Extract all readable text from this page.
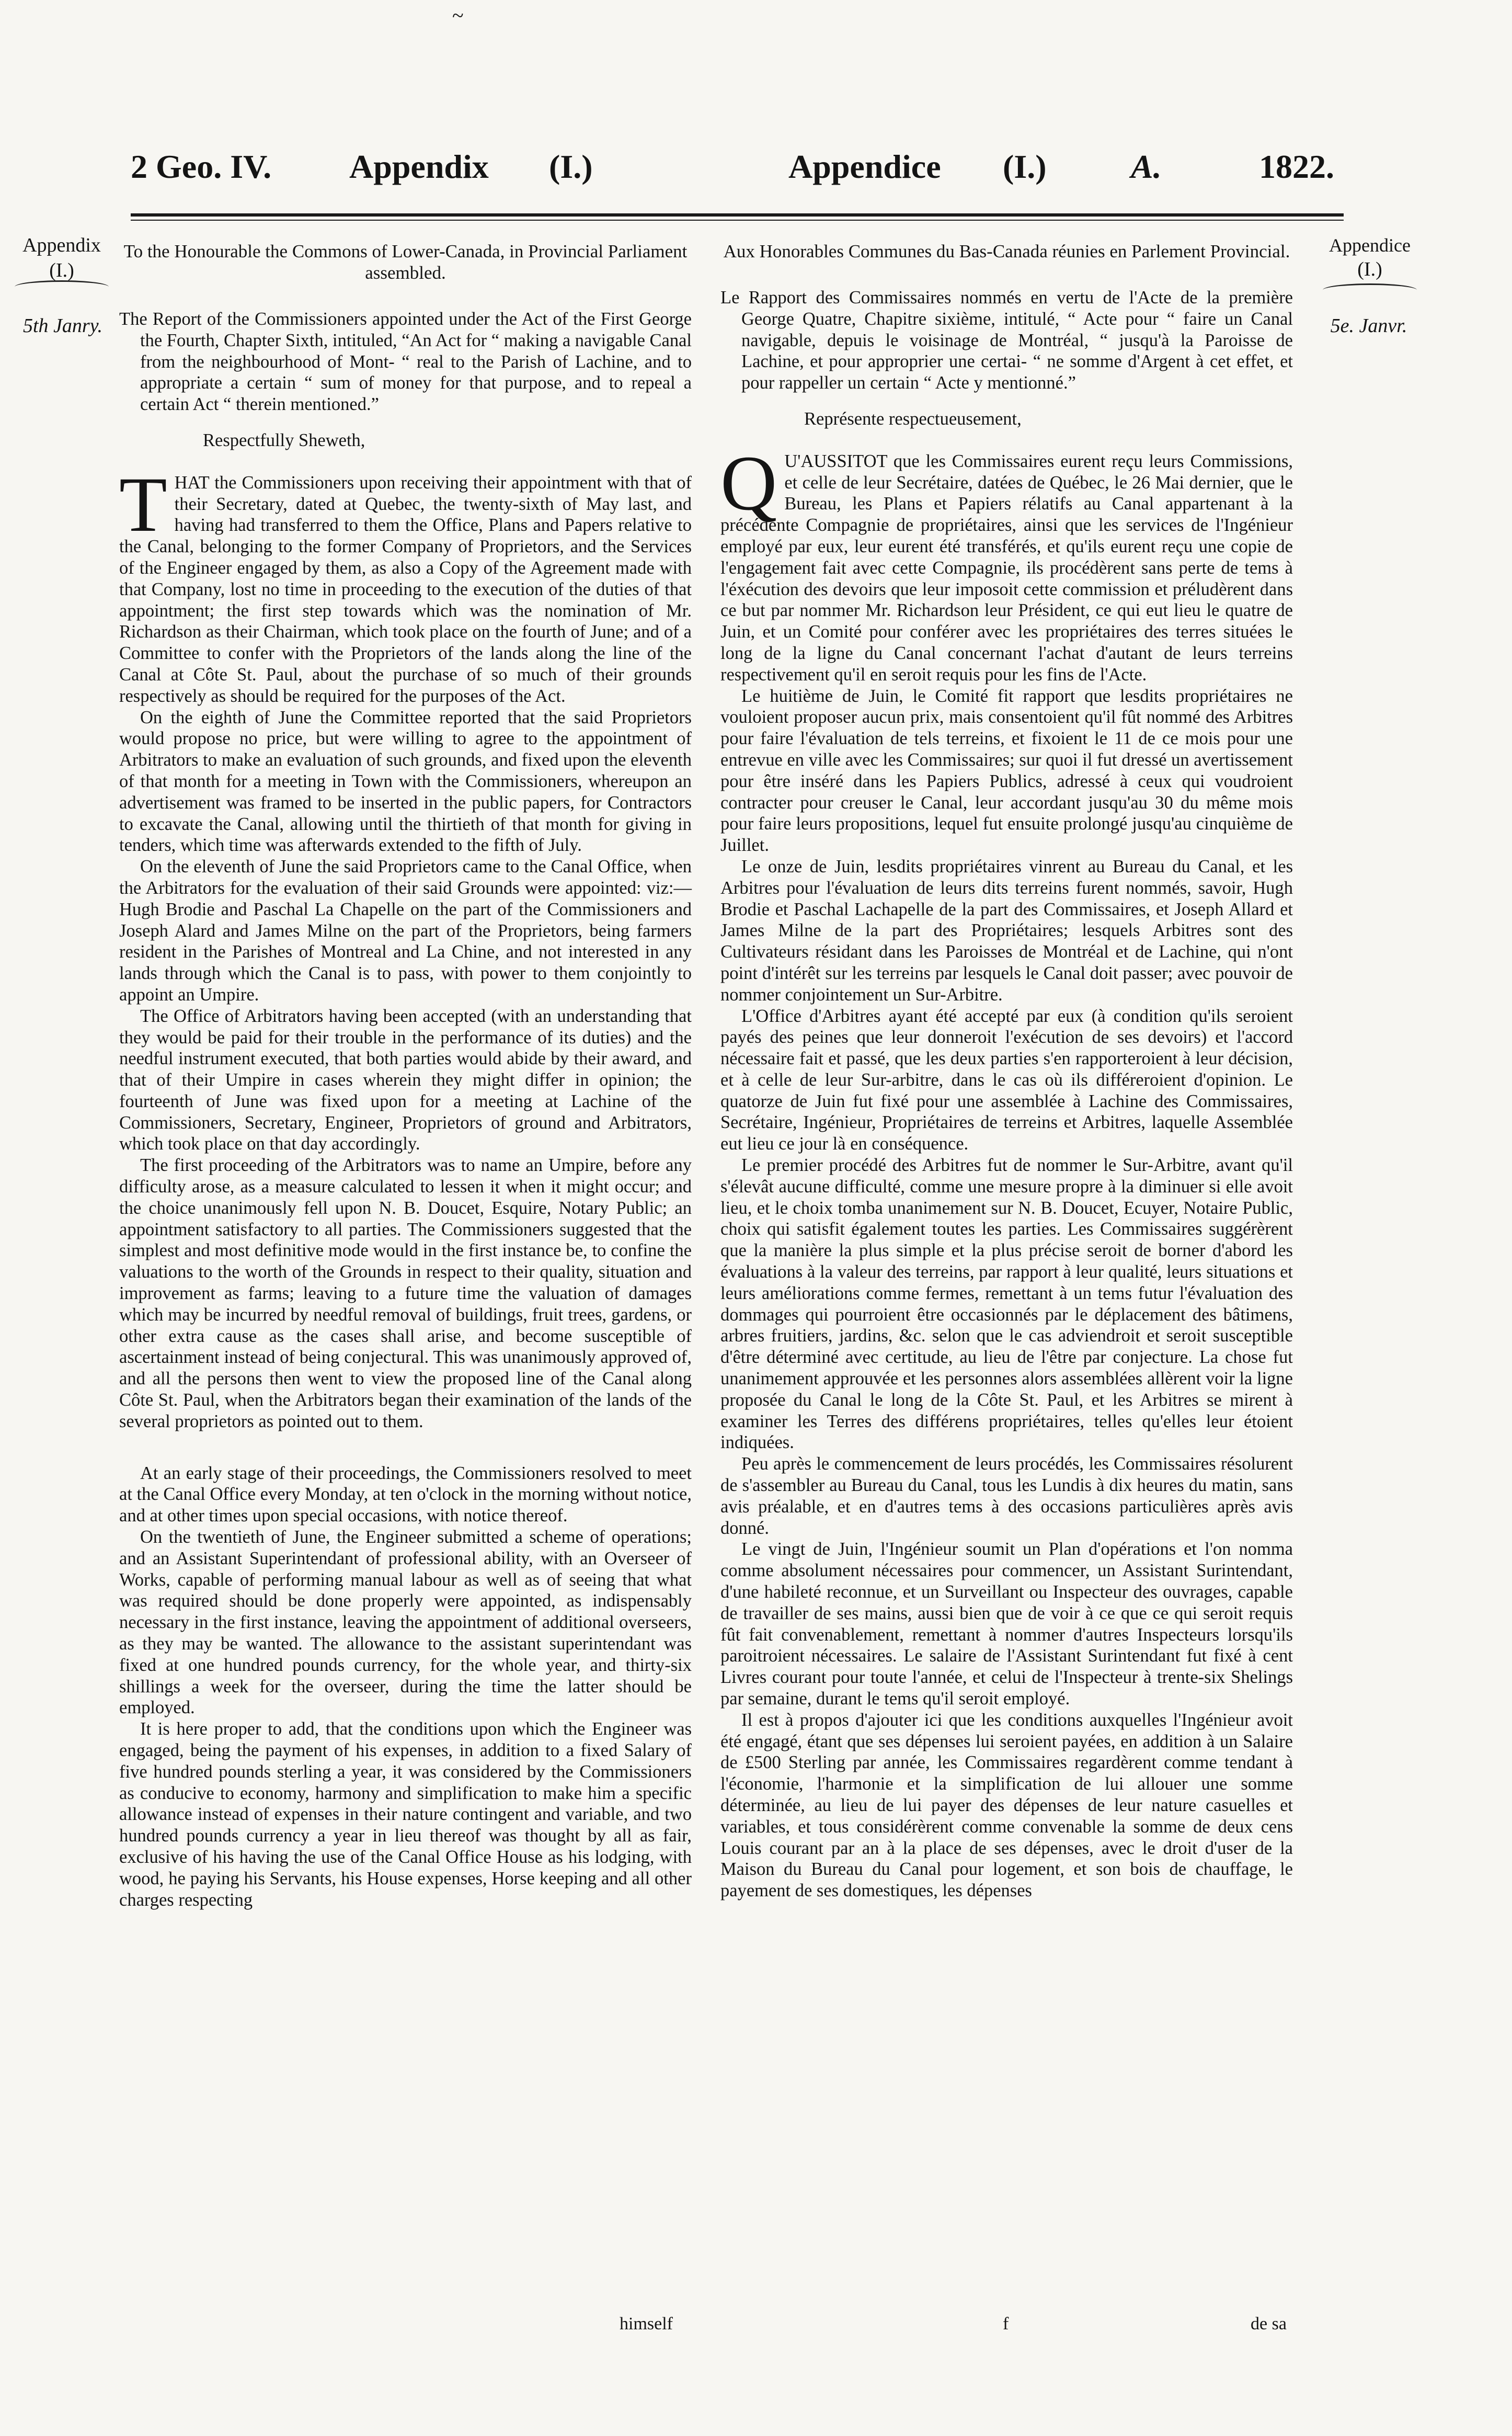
~
2 Geo. IV. Appendix (I.)	Appendice (I.)	A.	1822.
Appendix
(I.)
5th Janry.
Appendice
(I.)
5e. Janvr.

To the Honourable the Commons of Lower-Canada, in Provincial Parliament assembled.

The Report of the Commissioners appointed under the Act of the First George the Fourth, Chapter Sixth, intituled, “An Act for “ making a navigable Canal from the neighbourhood of Mont- “ real to the Parish of Lachine, and to appropriate a certain “ sum of money for that purpose, and to repeal a certain Act “ therein mentioned.”

Respectfully Sheweth,

THAT the Commissioners upon receiving their appointment with that of their Secretary, dated at Quebec, the twenty-sixth of May last, and having had transferred to them the Office, Plans and Papers relative to the Canal, belonging to the former Company of Proprietors, and the Services of the Engineer engaged by them, as also a Copy of the Agreement made with that Company, lost no time in proceeding to the execution of the duties of that appointment; the first step towards which was the nomination of Mr. Richardson as their Chairman, which took place on the fourth of June; and of a Committee to confer with the Proprietors of the lands along the line of the Canal at Côte St. Paul, about the purchase of so much of their grounds respectively as should be required for the purposes of the Act.

On the eighth of June the Committee reported that the said Proprietors would propose no price, but were willing to agree to the appointment of Arbitrators to make an evaluation of such grounds, and fixed upon the eleventh of that month for a meeting in Town with the Commissioners, whereupon an advertisement was framed to be inserted in the public papers, for Contractors to excavate the Canal, allowing until the thirtieth of that month for giving in tenders, which time was afterwards extended to the fifth of July.

On the eleventh of June the said Proprietors came to the Canal Office, when the Arbitrators for the evaluation of their said Grounds were appointed: viz:—Hugh Brodie and Paschal La Chapelle on the part of the Commissioners and Joseph Alard and James Milne on the part of the Proprietors, being farmers resident in the Parishes of Montreal and La Chine, and not interested in any lands through which the Canal is to pass, with power to them conjointly to appoint an Umpire.

The Office of Arbitrators having been accepted (with an understanding that they would be paid for their trouble in the performance of its duties) and the needful instrument executed, that both parties would abide by their award, and that of their Umpire in cases wherein they might differ in opinion; the fourteenth of June was fixed upon for a meeting at Lachine of the Commissioners, Secretary, Engineer, Proprietors of ground and Arbitrators, which took place on that day accordingly.

The first proceeding of the Arbitrators was to name an Umpire, before any difficulty arose, as a measure calculated to lessen it when it might occur; and the choice unanimously fell upon N. B. Doucet, Esquire, Notary Public; an appointment satisfactory to all parties. The Commissioners suggested that the simplest and most definitive mode would in the first instance be, to confine the valuations to the worth of the Grounds in respect to their quality, situation and improvement as farms; leaving to a future time the valuation of damages which may be incurred by needful removal of buildings, fruit trees, gardens, or other extra cause as the cases shall arise, and become susceptible of ascertainment instead of being conjectural. This was unanimously approved of, and all the persons then went to view the proposed line of the Canal along Côte St. Paul, when the Arbitrators began their examination of the lands of the several proprietors as pointed out to them.

At an early stage of their proceedings, the Commissioners resolved to meet at the Canal Office every Monday, at ten o'clock in the morning without notice, and at other times upon special occasions, with notice thereof.

On the twentieth of June, the Engineer submitted a scheme of operations; and an Assistant Superintendant of professional ability, with an Overseer of Works, capable of performing manual labour as well as of seeing that what was required should be done properly were appointed, as indispensably necessary in the first instance, leaving the appointment of additional overseers, as they may be wanted. The allowance to the assistant superintendant was fixed at one hundred pounds currency, for the whole year, and thirty-six shillings a week for the overseer, during the time the latter should be employed.

It is here proper to add, that the conditions upon which the Engineer was engaged, being the payment of his expenses, in addition to a fixed Salary of five hundred pounds sterling a year, it was considered by the Commissioners as conducive to economy, harmony and simplification to make him a specific allowance instead of expenses in their nature contingent and variable, and two hundred pounds currency a year in lieu thereof was thought by all as fair, exclusive of his having the use of the Canal Office House as his lodging, with wood, he paying his Servants, his House expenses, Horse keeping and all other charges respecting

himself

Aux Honorables Communes du Bas-Canada réunies en Parlement Provincial.

Le Rapport des Commissaires nommés en vertu de l'Acte de la première George Quatre, Chapitre sixième, intitulé, “ Acte pour “ faire un Canal navigable, depuis le voisinage de Montréal, “ jusqu'à la Paroisse de Lachine, et pour approprier une certai- “ ne somme d'Argent à cet effet, et pour rappeller un certain “ Acte y mentionné.”

Représente respectueusement,

Q U'AUSSITOT que les Commissaires eurent reçu leurs Commissions, et celle de leur Secrétaire, datées de Québec, le 26 Mai dernier, que le Bureau, les Plans et Papiers rélatifs au Canal appartenant à la précédente Compagnie de propriétaires, ainsi que les services de l'Ingénieur employé par eux, leur eurent été transférés, et qu'ils eurent reçu une copie de l'engagement fait avec cette Compagnie, ils procédèrent sans perte de tems à l'éxécution des devoirs que leur imposoit cette commission et préludèrent dans ce but par nommer Mr. Richardson leur Président, ce qui eut lieu le quatre de Juin, et un Comité pour conférer avec les propriétaires des terres situées le long de la ligne du Canal concernant l'achat d'autant de leurs terreins respectivement qu'il en seroit requis pour les fins de l'Acte.

Le huitième de Juin, le Comité fit rapport que lesdits propriétaires ne vouloient proposer aucun prix, mais consentoient qu'il fût nommé des Arbitres pour faire l'évaluation de tels terreins, et fixoient le 11 de ce mois pour une entrevue en ville avec les Commissaires; sur quoi il fut dressé un avertissement pour être inséré dans les Papiers Publics, adressé à ceux qui voudroient contracter pour creuser le Canal, leur accordant jusqu'au 30 du même mois pour faire leurs propositions, lequel fut ensuite prolongé jusqu'au cinquième de Juillet.

Le onze de Juin, lesdits propriétaires vinrent au Bureau du Canal, et les Arbitres pour l'évaluation de leurs dits terreins furent nommés, savoir, Hugh Brodie et Paschal Lachapelle de la part des Commissaires, et Joseph Allard et James Milne de la part des Propriétaires; lesquels Arbitres sont des Cultivateurs résidant dans les Paroisses de Montréal et de Lachine, qui n'ont point d'intérêt sur les terreins par lesquels le Canal doit passer; avec pouvoir de nommer conjointement un Sur-Arbitre.

L'Office d'Arbitres ayant été accepté par eux (à condition qu'ils seroient payés des peines que leur donneroit l'exécution de ses devoirs) et l'accord nécessaire fait et passé, que les deux parties s'en rapporteroient à leur décision, et à celle de leur Sur-arbitre, dans le cas où ils différeroient d'opinion. Le quatorze de Juin fut fixé pour une assemblée à Lachine des Commissaires, Secrétaire, Ingénieur, Propriétaires de terreins et Arbitres, laquelle Assemblée eut lieu ce jour là en conséquence.

Le premier procédé des Arbitres fut de nommer le Sur-Arbitre, avant qu'il s'élevât aucune difficulté, comme une mesure propre à la diminuer si elle avoit lieu, et le choix tomba unanimement sur N. B. Doucet, Ecuyer, Notaire Public, choix qui satisfit également toutes les parties. Les Commissaires suggérèrent que la manière la plus simple et la plus précise seroit de borner d'abord les évaluations à la valeur des terreins, par rapport à leur qualité, leurs situations et leurs améliorations comme fermes, remettant à un tems futur l'évaluation des dommages qui pourroient être occasionnés par le déplacement des bâtimens, arbres fruitiers, jardins, &c. selon que le cas adviendroit et seroit susceptible d'être déterminé avec certitude, au lieu de l'être par conjecture. La chose fut unanimement approuvée et les personnes alors assemblées allèrent voir la ligne proposée du Canal le long de la Côte St. Paul, et les Arbitres se mirent à examiner les Terres des différens propriétaires, telles qu'elles leur étoient indiquées.

Peu après le commencement de leurs procédés, les Commissaires résolurent de s'assembler au Bureau du Canal, tous les Lundis à dix heures du matin, sans avis préalable, et en d'autres tems à des occasions particulières après avis donné.

Le vingt de Juin, l'Ingénieur soumit un Plan d'opérations et l'on nomma comme absolument nécessaires pour commencer, un Assistant Surintendant, d'une habileté reconnue, et un Surveillant ou Inspecteur des ouvrages, capable de travailler de ses mains, aussi bien que de voir à ce que ce qui seroit requis fût fait convenablement, remettant à nommer d'autres Inspecteurs lorsqu'ils paroitroient nécessaires. Le salaire de l'Assistant Surintendant fut fixé à cent Livres courant pour toute l'année, et celui de l'Inspecteur à trente-six Shelings par semaine, durant le tems qu'il seroit employé.

Il est à propos d'ajouter ici que les conditions auxquelles l'Ingénieur avoit été engagé, étant que ses dépenses lui seroient payées, en addition à un Salaire de £500 Sterling par année, les Commissaires regardèrent comme tendant à l'économie, l'harmonie et la simplification de lui allouer une somme déterminée, au lieu de lui payer des dépenses de leur nature casuelles et variables, et tous considérèrent comme convenable la somme de deux cens Louis courant par an à la place de ses dépenses, avec le droit d'user de la Maison du Bureau du Canal pour logement, et son bois de chauffage, le payement de ses domestiques, les dépenses

f	de sa
